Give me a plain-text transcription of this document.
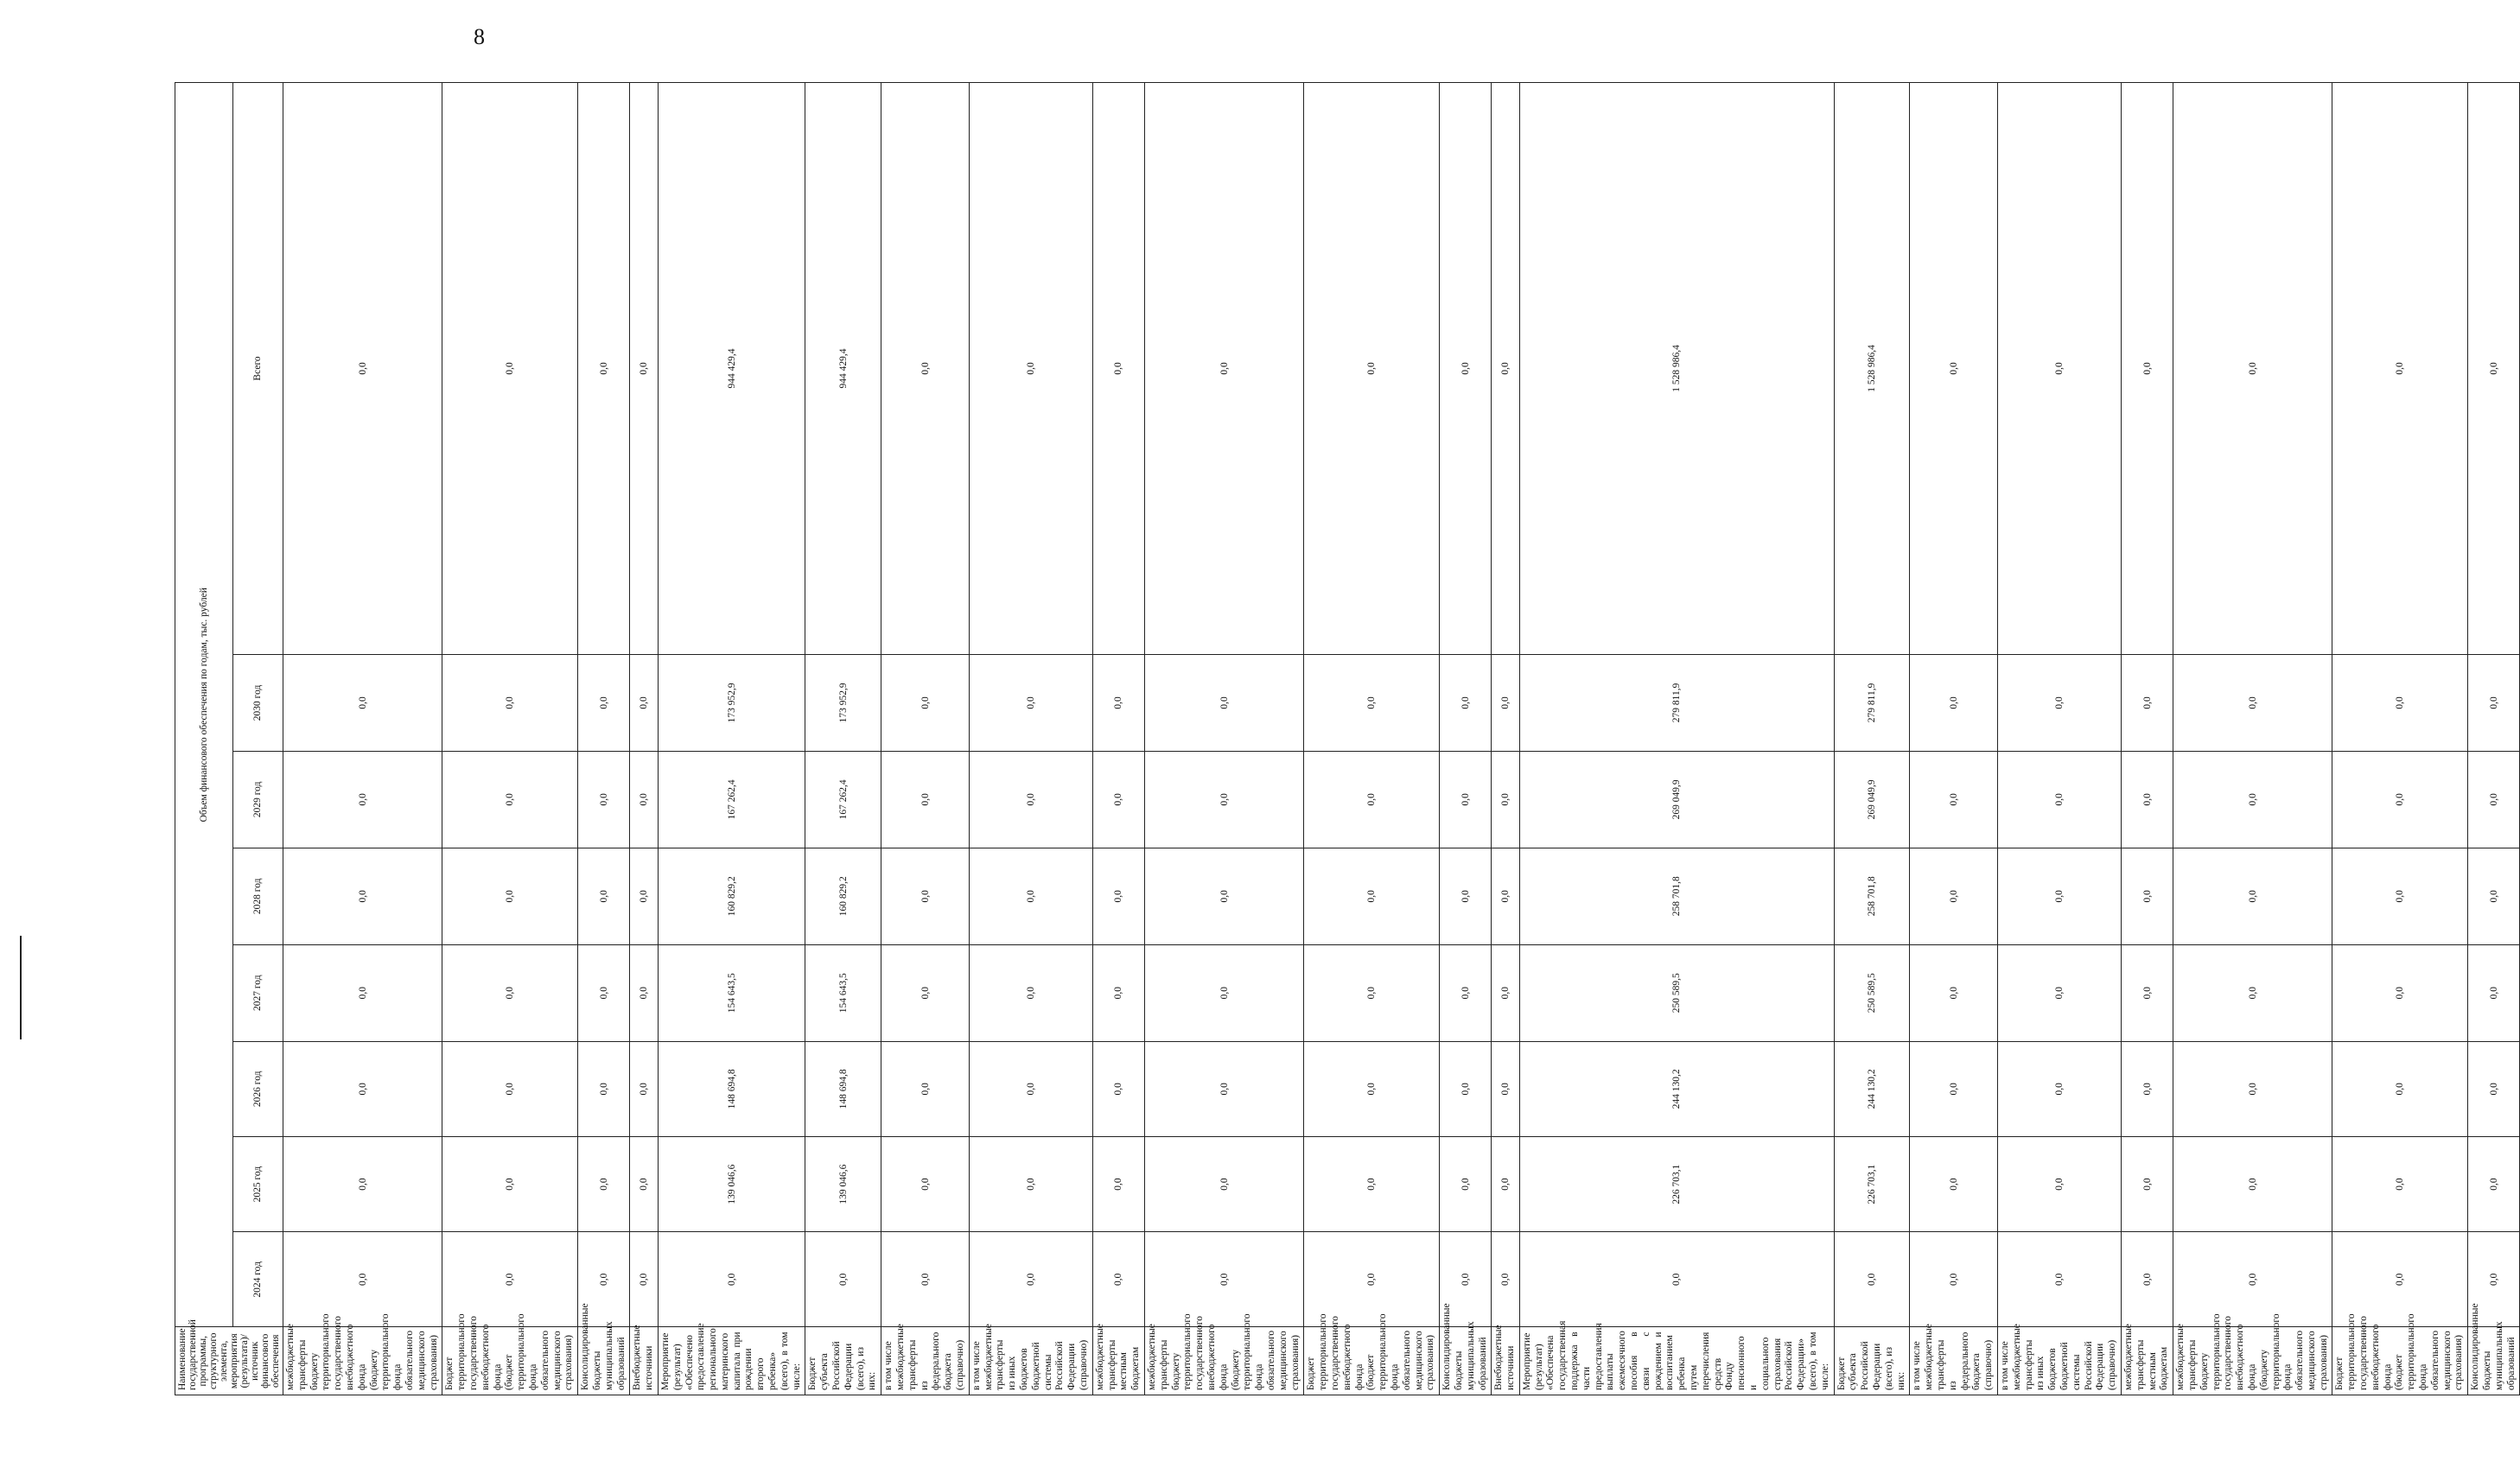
8
Наименование государственной программы, структурного элемента, мероприятия (результата)/источник финансового обеспечения	Объем финансового обеспечения по годам, тыс. рублей							
	2024 год	2025 год	2026 год	2027 год	2028 год	2029 год	2030 год	Всего
межбюджетные трансферты бюджету территориального государственного внебюджетного фонда (бюджету территориального фонда обязательного медицинского страхования)	0,0	0,0	0,0	0,0	0,0	0,0	0,0	0,0
Бюджет территориального государственного внебюджетного фонда (бюджет территориального фонда обязательного медицинского страхования)	0,0	0,0	0,0	0,0	0,0	0,0	0,0	0,0
Консолидированные бюджеты муниципальных образований	0,0	0,0	0,0	0,0	0,0	0,0	0,0	0,0
Внебюджетные источники	0,0	0,0	0,0	0,0	0,0	0,0	0,0	0,0
Мероприятие (результат) «Обеспечено предоставление регионального материнского капитала при рождении второго ребенка» (всего), в том числе:	0,0	139 046,6	148 694,8	154 643,5	160 829,2	167 262,4	173 952,9	944 429,4
Бюджет субъекта Российской Федерации (всего), из них:	0,0	139 046,6	148 694,8	154 643,5	160 829,2	167 262,4	173 952,9	944 429,4
в том числе межбюджетные трансферты из федерального бюджета (справочно)	0,0	0,0	0,0	0,0	0,0	0,0	0,0	0,0
в том числе межбюджетные трансферты из иных бюджетов бюджетной системы Российской Федерации (справочно)	0,0	0,0	0,0	0,0	0,0	0,0	0,0	0,0
межбюджетные трансферты местным бюджетам	0,0	0,0	0,0	0,0	0,0	0,0	0,0	0,0
межбюджетные трансферты бюджету территориального государственного внебюджетного фонда (бюджету территориального фонда обязательного медицинского страхования)	0,0	0,0	0,0	0,0	0,0	0,0	0,0	0,0
Бюджет территориального государственного внебюджетного фонда (бюджет территориального фонда обязательного медицинского страхования)	0,0	0,0	0,0	0,0	0,0	0,0	0,0	0,0
Консолидированные бюджеты муниципальных образований	0,0	0,0	0,0	0,0	0,0	0,0	0,0	0,0
Внебюджетные источники	0,0	0,0	0,0	0,0	0,0	0,0	0,0	0,0
Мероприятие (результат) «Обеспечена государственная поддержка в части предоставления выплаты ежемесячного пособия в связи с рождением и воспитанием ребенка путем перечисления средств Фонду пенсионного и социального страхования Российской Федерации» (всего), в том числе:	0,0	226 703,1	244 130,2	250 589,5	258 701,8	269 049,9	279 811,9	1 528 986,4
Бюджет субъекта Российской Федерации (всего), из них:	0,0	226 703,1	244 130,2	250 589,5	258 701,8	269 049,9	279 811,9	1 528 986,4
в том числе межбюджетные трансферты из федерального бюджета (справочно)	0,0	0,0	0,0	0,0	0,0	0,0	0,0	0,0
в том числе межбюджетные трансферты из иных бюджетов бюджетной системы Российской Федерации (справочно)	0,0	0,0	0,0	0,0	0,0	0,0	0,0	0,0
межбюджетные трансферты местным бюджетам	0,0	0,0	0,0	0,0	0,0	0,0	0,0	0,0
межбюджетные трансферты бюджету территориального государственного внебюджетного фонда (бюджету территориального фонда обязательного медицинского страхования)	0,0	0,0	0,0	0,0	0,0	0,0	0,0	0,0
Бюджет территориального государственного внебюджетного фонда (бюджет территориального фонда обязательного медицинского страхования)	0,0	0,0	0,0	0,0	0,0	0,0	0,0	0,0
Консолидированные бюджеты муниципальных образований	0,0	0,0	0,0	0,0	0,0	0,0	0,0	0,0
